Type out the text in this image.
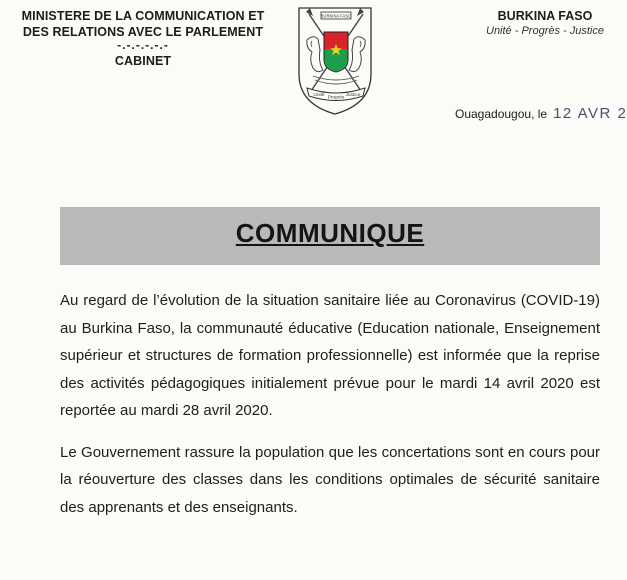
MINISTERE DE LA COMMUNICATION ET
DES RELATIONS AVEC LE PARLEMENT
-.-.-.-.-.-
CABINET
BURKINA FASO
Unité Progrès Justice
BURKINA FASO
Unité - Progrès - Justice
Ouagadougou, le 12 AVR 2
COMMUNIQUE

Au regard de l’évolution de la situation sanitaire liée au Coronavirus (COVID-19) au Burkina Faso, la communauté éducative (Education nationale, Enseignement supérieur et structures de formation professionnelle) est informée que la reprise des activités pédagogiques initialement prévue pour le mardi 14 avril 2020 est reportée au mardi 28 avril 2020.

Le Gouvernement rassure la population que les concertations sont en cours pour la réouverture des classes dans les conditions optimales de sécurité sanitaire des apprenants et des enseignants.
